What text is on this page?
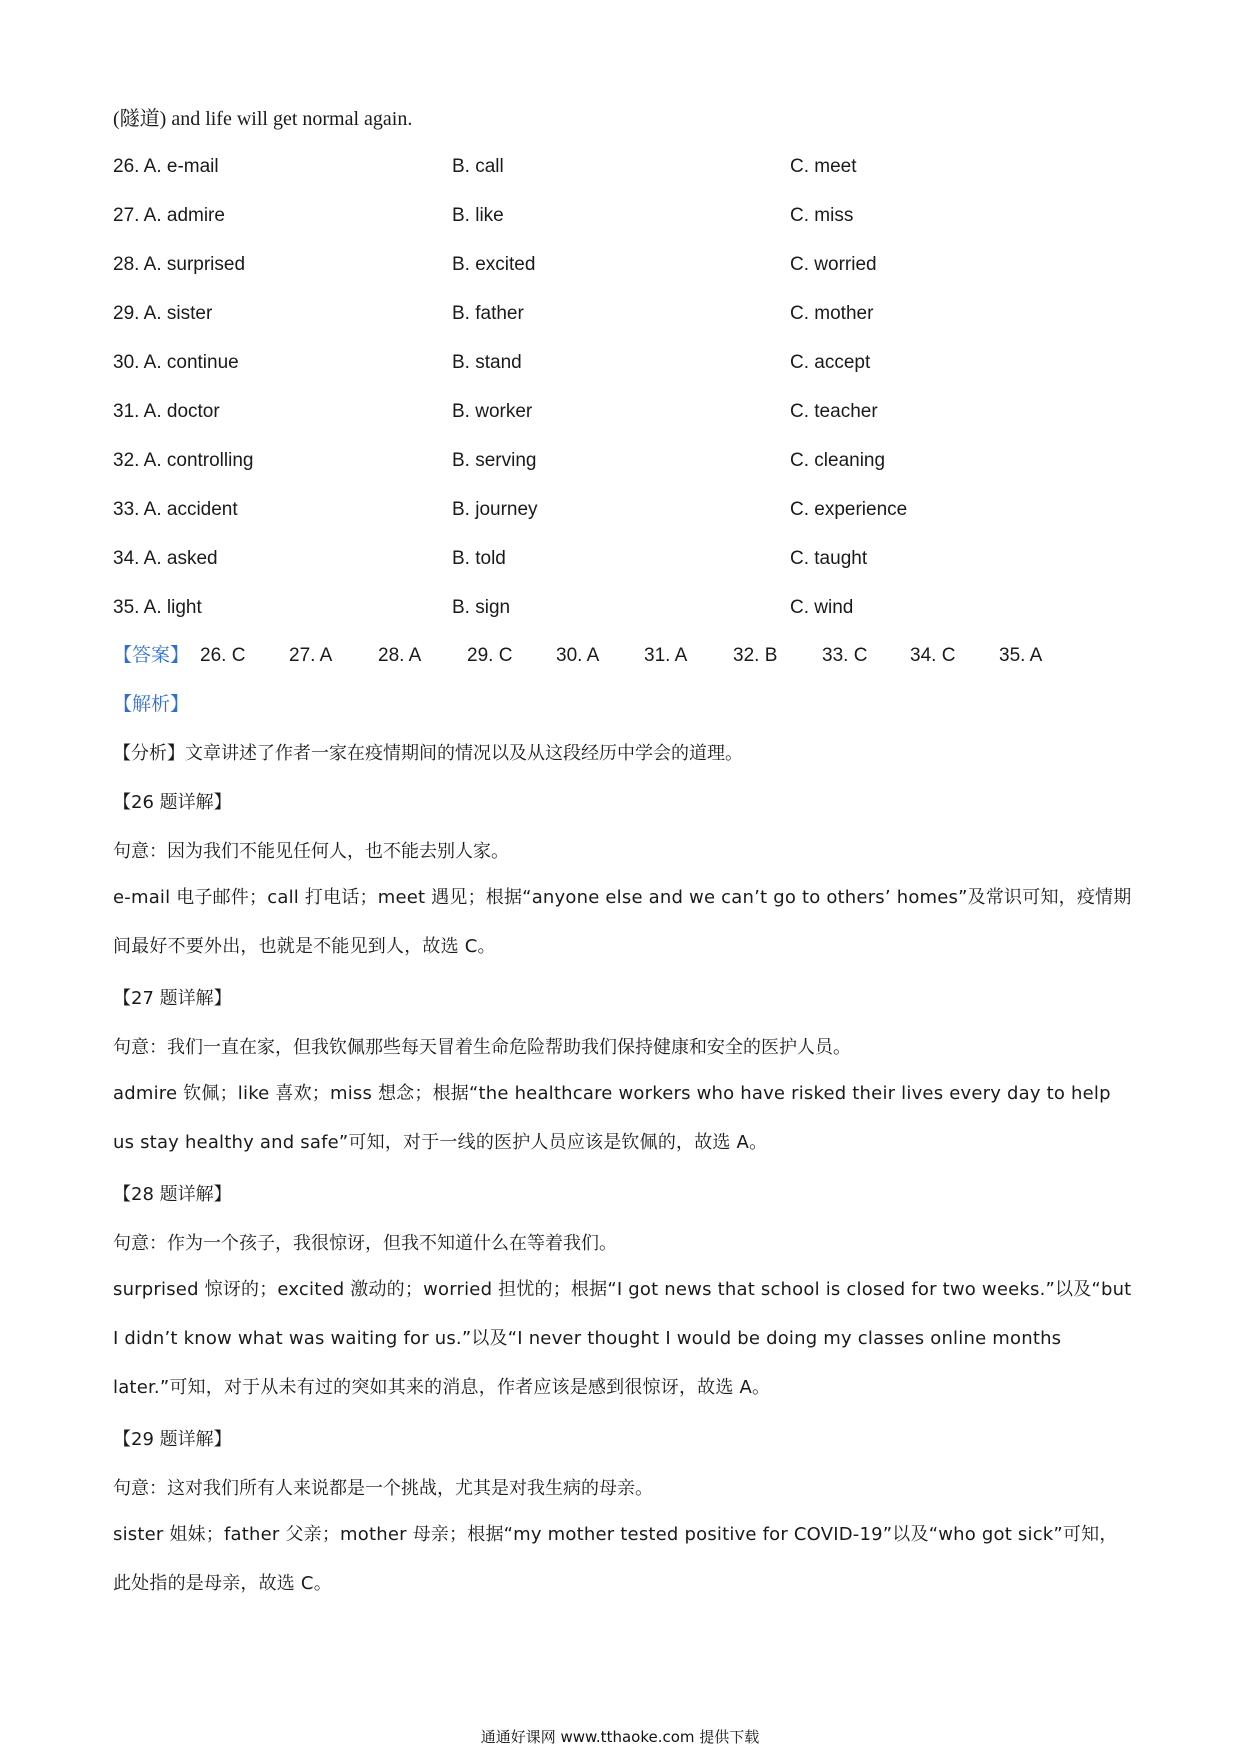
(隧道) and life will get normal again.
26. A. e-mail	B. call	C. meet
27. A. admire	B. like	C. miss
28. A. surprised	B. excited	C. worried
29. A. sister	B. father	C. mother
30. A. continue	B. stand	C. accept
31. A. doctor	B. worker	C. teacher
32. A. controlling	B. serving	C. cleaning
33. A. accident	B. journey	C. experience
34. A. asked	B. told	C. taught
35. A. light	B. sign	C. wind
【答案】 26. C 27. A 28. A 29. C 30. A 31. A 32. B 33. C 34. C 35. A
【解析】
【分析】文章讲述了作者一家在疫情期间的情况以及从这段经历中学会的道理。
【26 题详解】
句意：因为我们不能见任何人，也不能去别人家。
e-mail 电子邮件；call 打电话；meet 遇见；根据“anyone else and we can’t go to others’ homes”及常识可知，疫情期间最好不要外出，也就是不能见到人，故选 C。
【27 题详解】
句意：我们一直在家，但我钦佩那些每天冒着生命危险帮助我们保持健康和安全的医护人员。
admire 钦佩；like 喜欢；miss 想念；根据“the healthcare workers who have risked their lives every day to help us stay healthy and safe”可知，对于一线的医护人员应该是钦佩的，故选 A。
【28 题详解】
句意：作为一个孩子，我很惊讶，但我不知道什么在等着我们。
surprised 惊讶的；excited 激动的；worried 担忧的；根据“I got news that school is closed for two weeks.”以及“but I didn’t know what was waiting for us.”以及“I never thought I would be doing my classes online months later.”可知，对于从未有过的突如其来的消息，作者应该是感到很惊讶，故选 A。
【29 题详解】
句意：这对我们所有人来说都是一个挑战，尤其是对我生病的母亲。
sister 姐妹；father 父亲；mother 母亲；根据“my mother tested positive for COVID-19”以及“who got sick”可知，此处指的是母亲，故选 C。
通通好课网 www.tthaoke.com 提供下载
